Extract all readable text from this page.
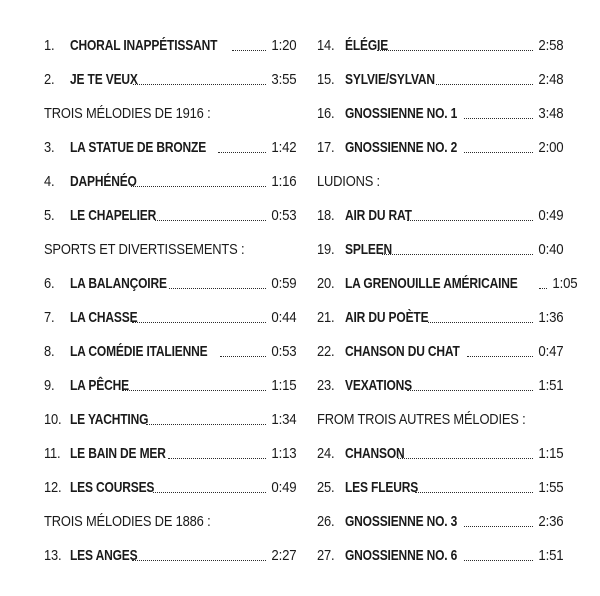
1.	CHORAL INAPPÉTISSANT	1:20
2.	JE TE VEUX	3:55
TROIS MÉLODIES DE 1916 :
3.	LA STATUE DE BRONZE	1:42
4.	DAPHÉNÉO	1:16
5.	LE CHAPELIER	0:53
SPORTS ET DIVERTISSEMENTS :
6.	LA BALANÇOIRE	0:59
7.	LA CHASSE	0:44
8.	LA COMÉDIE ITALIENNE	0:53
9.	LA PÊCHE	1:15
10. LE YACHTING	1:34
11. LE BAIN DE MER	1:13
12. LES COURSES	0:49
TROIS MÉLODIES DE 1886 :
13. LES ANGES	2:27
14. ÉLÉGIE	2:58
15. SYLVIE/SYLVAN	2:48
16. GNOSSIENNE NO. 1	3:48
17. GNOSSIENNE NO. 2	2:00
LUDIONS :
18. AIR DU RAT	0:49
19. SPLEEN	0:40
20. LA GRENOUILLE AMÉRICAINE 1:05
21. AIR DU POÈTE	1:36
22. CHANSON DU CHAT	0:47
23. VEXATIONS	1:51
FROM TROIS AUTRES MÉLODIES :
24. CHANSON	1:15
25. LES FLEURS	1:55
26. GNOSSIENNE NO. 3	2:36
27. GNOSSIENNE NO. 6	1:51
